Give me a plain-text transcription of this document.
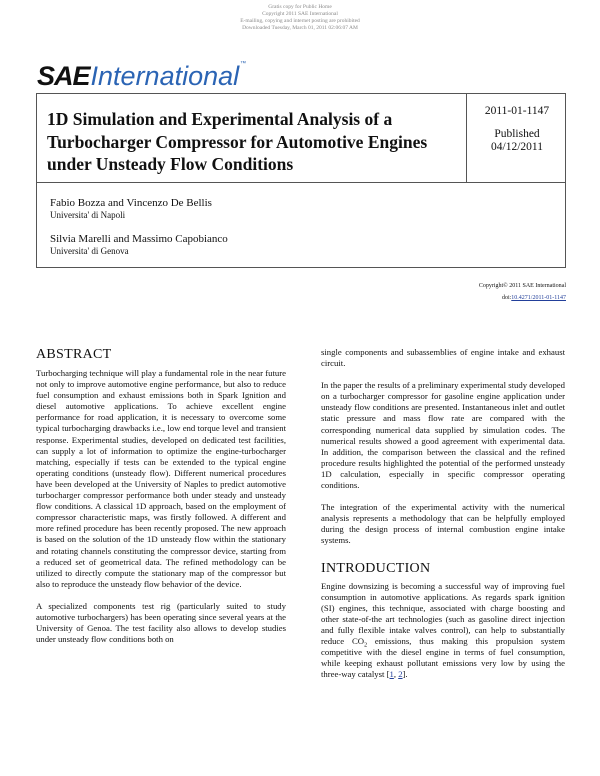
Gratis copy for Public Home
Copyright 2011 SAE International
E-mailing, copying and internet posting are prohibited
Downloaded Tuesday, March 01, 2011 02:06:07 AM
SAE International ™
1D Simulation and Experimental Analysis of a Turbocharger Compressor for Automotive Engines under Unsteady Flow Conditions
2011-01-1147
Published
04/12/2011
Fabio Bozza and Vincenzo De Bellis
Universita' di Napoli
Silvia Marelli and Massimo Capobianco
Universita' di Genova
Copyright© 2011 SAE International
doi:10.4271/2011-01-1147
ABSTRACT

Turbocharging technique will play a fundamental role in the near future not only to improve automotive engine performance, but also to reduce fuel consumption and exhaust emissions both in Spark Ignition and diesel automotive applications. To achieve excellent engine performance for road application, it is necessary to overcome some typical turbocharging drawbacks i.e., low end torque level and transient response. Experimental studies, developed on dedicated test facilities, can supply a lot of information to optimize the engine-turbocharger matching, especially if tests can be extended to the typical engine operating conditions (unsteady flow). Different numerical procedures have been developed at the University of Naples to predict automotive turbocharger compressor performance both under steady and unsteady flow conditions. A classical 1D approach, based on the employment of compressor characteristic maps, was firstly followed. A different and more refined procedure has been recently proposed. The new approach is based on the solution of the 1D unsteady flow within the stationary and rotating channels constituting the compressor device, starting from a reduced set of geometrical data. The refined methodology can be utilized to directly compute the stationary map of the compressor but also to reproduce the unsteady flow behavior of the device.

A specialized components test rig (particularly suited to study automotive turbochargers) has been operating since several years at the University of Genoa. The test facility also allows to develop studies under unsteady flow conditions both on

single components and subassemblies of engine intake and exhaust circuit.

In the paper the results of a preliminary experimental study developed on a turbocharger compressor for gasoline engine application under unsteady flow conditions are presented. Instantaneous inlet and outlet static pressure and mass flow rate are compared with the corresponding numerical data supplied by simulation codes. The numerical results showed a good agreement with experimental data. In addition, the comparison between the classical and the refined procedure results highlighted the potential of the performed unsteady 1D calculation, especially in specific compressor operating conditions.

The integration of the experimental activity with the numerical analysis represents a methodology that can be helpfully employed during the design process of internal combustion engine intake systems.

INTRODUCTION

Engine downsizing is becoming a successful way of improving fuel consumption in automotive applications. As regards spark ignition (SI) engines, this technique, associated with charge boosting and other state-of-the art technologies (such as gasoline direct injection and fully flexible intake valves control), can help to substantially reduce $CO_2$ emissions, thus making this propulsion system competitive with the diesel engine in terms of fuel consumption, while keeping exhaust pollutant emissions very low by using the three-way catalyst [1, 2].
